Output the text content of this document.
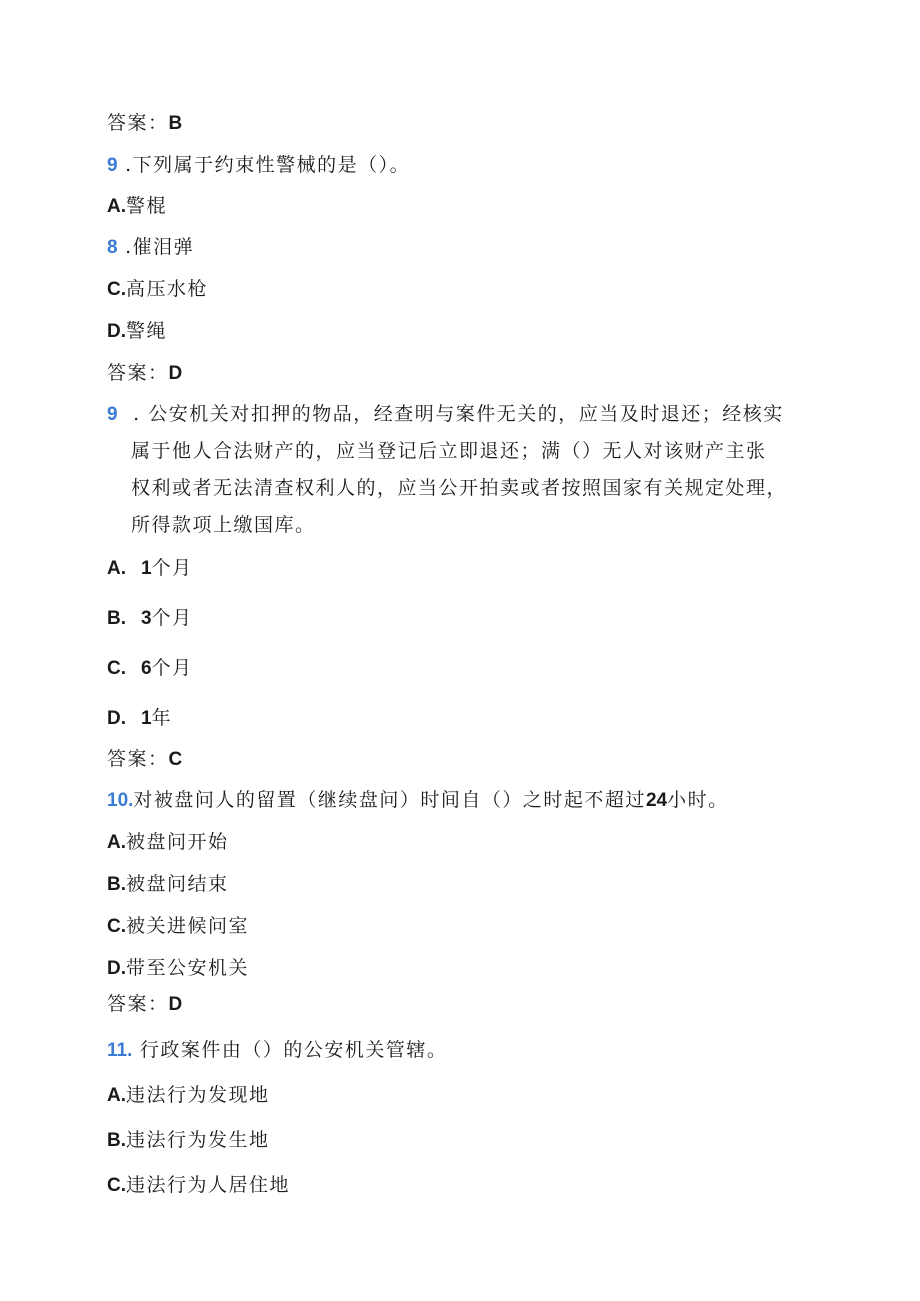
答案：B
9 .下列属于约束性警械的是（）。
A.警棍
8 .催泪弹
C.高压水枪
D.警绳
答案：D
9 . 公安机关对扣押的物品，经查明与案件无关的，应当及时退还；经核实
属于他人合法财产的，应当登记后立即退还；满（）无人对该财产主张
权利或者无法清查权利人的，应当公开拍卖或者按照国家有关规定处理，
所得款项上缴国库。
A. 1个月
B. 3个月
C. 6个月
D. 1年
答案：C
10.对被盘问人的留置（继续盘问）时间自（）之时起不超过24小时。
A.被盘问开始
B.被盘问结束
C.被关进候问室
D.带至公安机关
答案：D
11. 行政案件由（）的公安机关管辖。
A.违法行为发现地
B.违法行为发生地
C.违法行为人居住地
